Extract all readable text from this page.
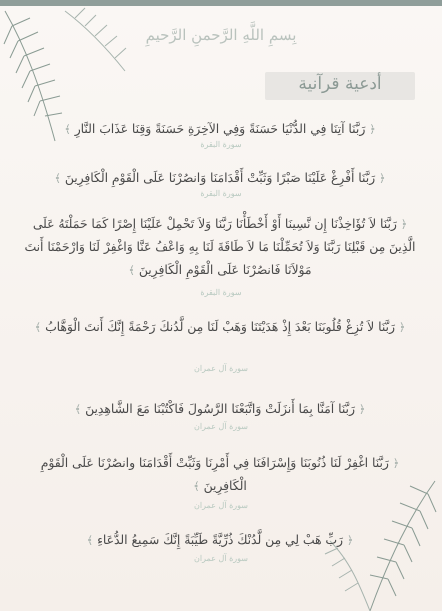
بِسمِ اللَّهِ الرَّحمنِ الرَّحيمِ
أدعية قرآنية
﴿ رَبَّنَا آتِنَا فِي الدُّنْيَا حَسَنَةً وَفِي الآخِرَةِ حَسَنَةً وَقِنَا عَذَابَ النَّارِ ﴾
سورة البقرة
﴿ رَبَّنَا أَفْرِغْ عَلَيْنَا صَبْرًا وَثَبِّتْ أَقْدَامَنَا وَانصُرْنَا عَلَى الْقَوْمِ الْكَافِرِينَ ﴾
سورة البقرة
﴿ رَبَّنَا لاَ تُؤَاخِذْنَا إِن نَّسِينَا أَوْ أَخْطَأْنَا رَبَّنَا وَلاَ تَحْمِلْ عَلَيْنَا إِصْرًا كَمَا حَمَلْتَهُ عَلَى الَّذِينَ مِن قَبْلِنَا رَبَّنَا وَلاَ تُحَمِّلْنَا مَا لاَ طَاقَةَ لَنَا بِهِ وَاعْفُ عَنَّا وَاغْفِرْ لَنَا وَارْحَمْنَا أَنتَ مَوْلاَنَا فَانصُرْنَا عَلَى الْقَوْمِ الْكَافِرِينَ ﴾
سورة البقرة
﴿ رَبَّنَا لاَ تُزِغْ قُلُوبَنَا بَعْدَ إِذْ هَدَيْتَنَا وَهَبْ لَنَا مِن لَّدُنكَ رَحْمَةً إِنَّكَ أَنتَ الْوَهَّابُ ﴾
سورة آل عمران
﴿ رَبَّنَا آمَنَّا بِمَا أَنزَلَتْ وَاتَّبَعْنَا الرَّسُولَ فَاكْتُبْنَا مَعَ الشَّاهِدِينَ ﴾
سورة آل عمران
﴿ رَبَّنَا اغْفِرْ لَنَا ذُنُوبَنَا وَإِسْرَافَنَا فِي أَمْرِنَا وَثَبِّتْ أَقْدَامَنَا وانصُرْنَا عَلَى الْقَوْمِ الْكَافِرِينَ ﴾
سورة آل عمران
﴿ رَبِّ هَبْ لِي مِن لَّدُنْكَ ذُرِّيَّةً طَيِّبَةً إِنَّكَ سَمِيعُ الدُّعَاءِ ﴾
سورة آل عمران
